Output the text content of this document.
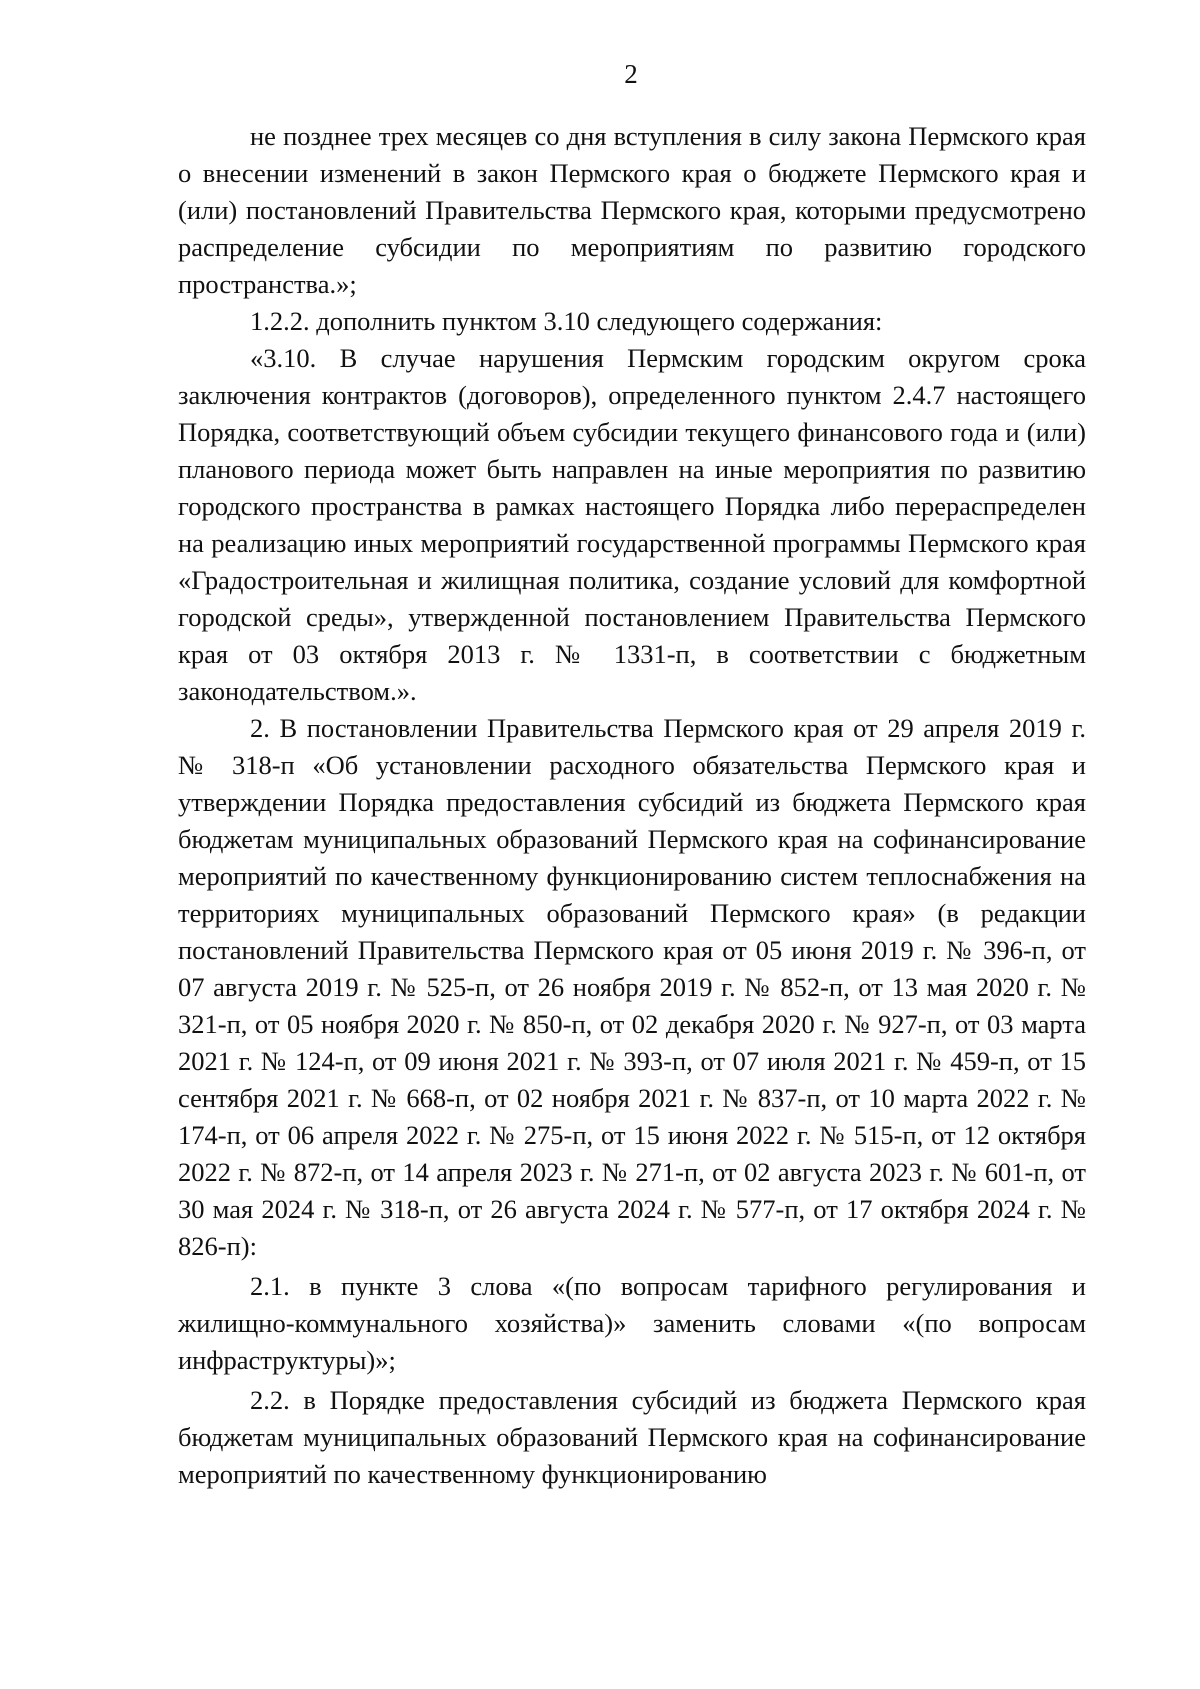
2

не позднее трех месяцев со дня вступления в силу закона Пермского края о внесении изменений в закон Пермского края о бюджете Пермского края и (или) постановлений Правительства Пермского края, которыми предусмотрено распределение субсидии по мероприятиям по развитию городского пространства.»;

1.2.2. дополнить пунктом 3.10 следующего содержания:

«3.10. В случае нарушения Пермским городским округом срока заключения контрактов (договоров), определенного пунктом 2.4.7 настоящего Порядка, соответствующий объем субсидии текущего финансового года и (или) планового периода может быть направлен на иные мероприятия по развитию городского пространства в рамках настоящего Порядка либо перераспределен на реализацию иных мероприятий государственной программы Пермского края «Градостроительная и жилищная политика, создание условий для комфортной городской среды», утвержденной постановлением Правительства Пермского края от 03 октября 2013 г. № 1331-п, в соответствии с бюджетным законодательством.».

2. В постановлении Правительства Пермского края от 29 апреля 2019 г. № 318-п «Об установлении расходного обязательства Пермского края и утверждении Порядка предоставления субсидий из бюджета Пермского края бюджетам муниципальных образований Пермского края на софинансирование мероприятий по качественному функционированию систем теплоснабжения на территориях муниципальных образований Пермского края» (в редакции постановлений Правительства Пермского края от 05 июня 2019 г. № 396-п, от 07 августа 2019 г. № 525-п, от 26 ноября 2019 г. № 852-п, от 13 мая 2020 г. № 321-п, от 05 ноября 2020 г. № 850-п, от 02 декабря 2020 г. № 927-п, от 03 марта 2021 г. № 124-п, от 09 июня 2021 г. № 393-п, от 07 июля 2021 г. № 459-п, от 15 сентября 2021 г. № 668-п, от 02 ноября 2021 г. № 837-п, от 10 марта 2022 г. № 174-п, от 06 апреля 2022 г. № 275-п, от 15 июня 2022 г. № 515-п, от 12 октября 2022 г. № 872-п, от 14 апреля 2023 г. № 271-п, от 02 августа 2023 г. № 601-п, от 30 мая 2024 г. № 318-п, от 26 августа 2024 г. № 577-п, от 17 октября 2024 г. № 826-п):

2.1. в пункте 3 слова «(по вопросам тарифного регулирования и жилищно-коммунального хозяйства)» заменить словами «(по вопросам инфраструктуры)»;

2.2. в Порядке предоставления субсидий из бюджета Пермского края бюджетам муниципальных образований Пермского края на софинансирование мероприятий по качественному функционированию
